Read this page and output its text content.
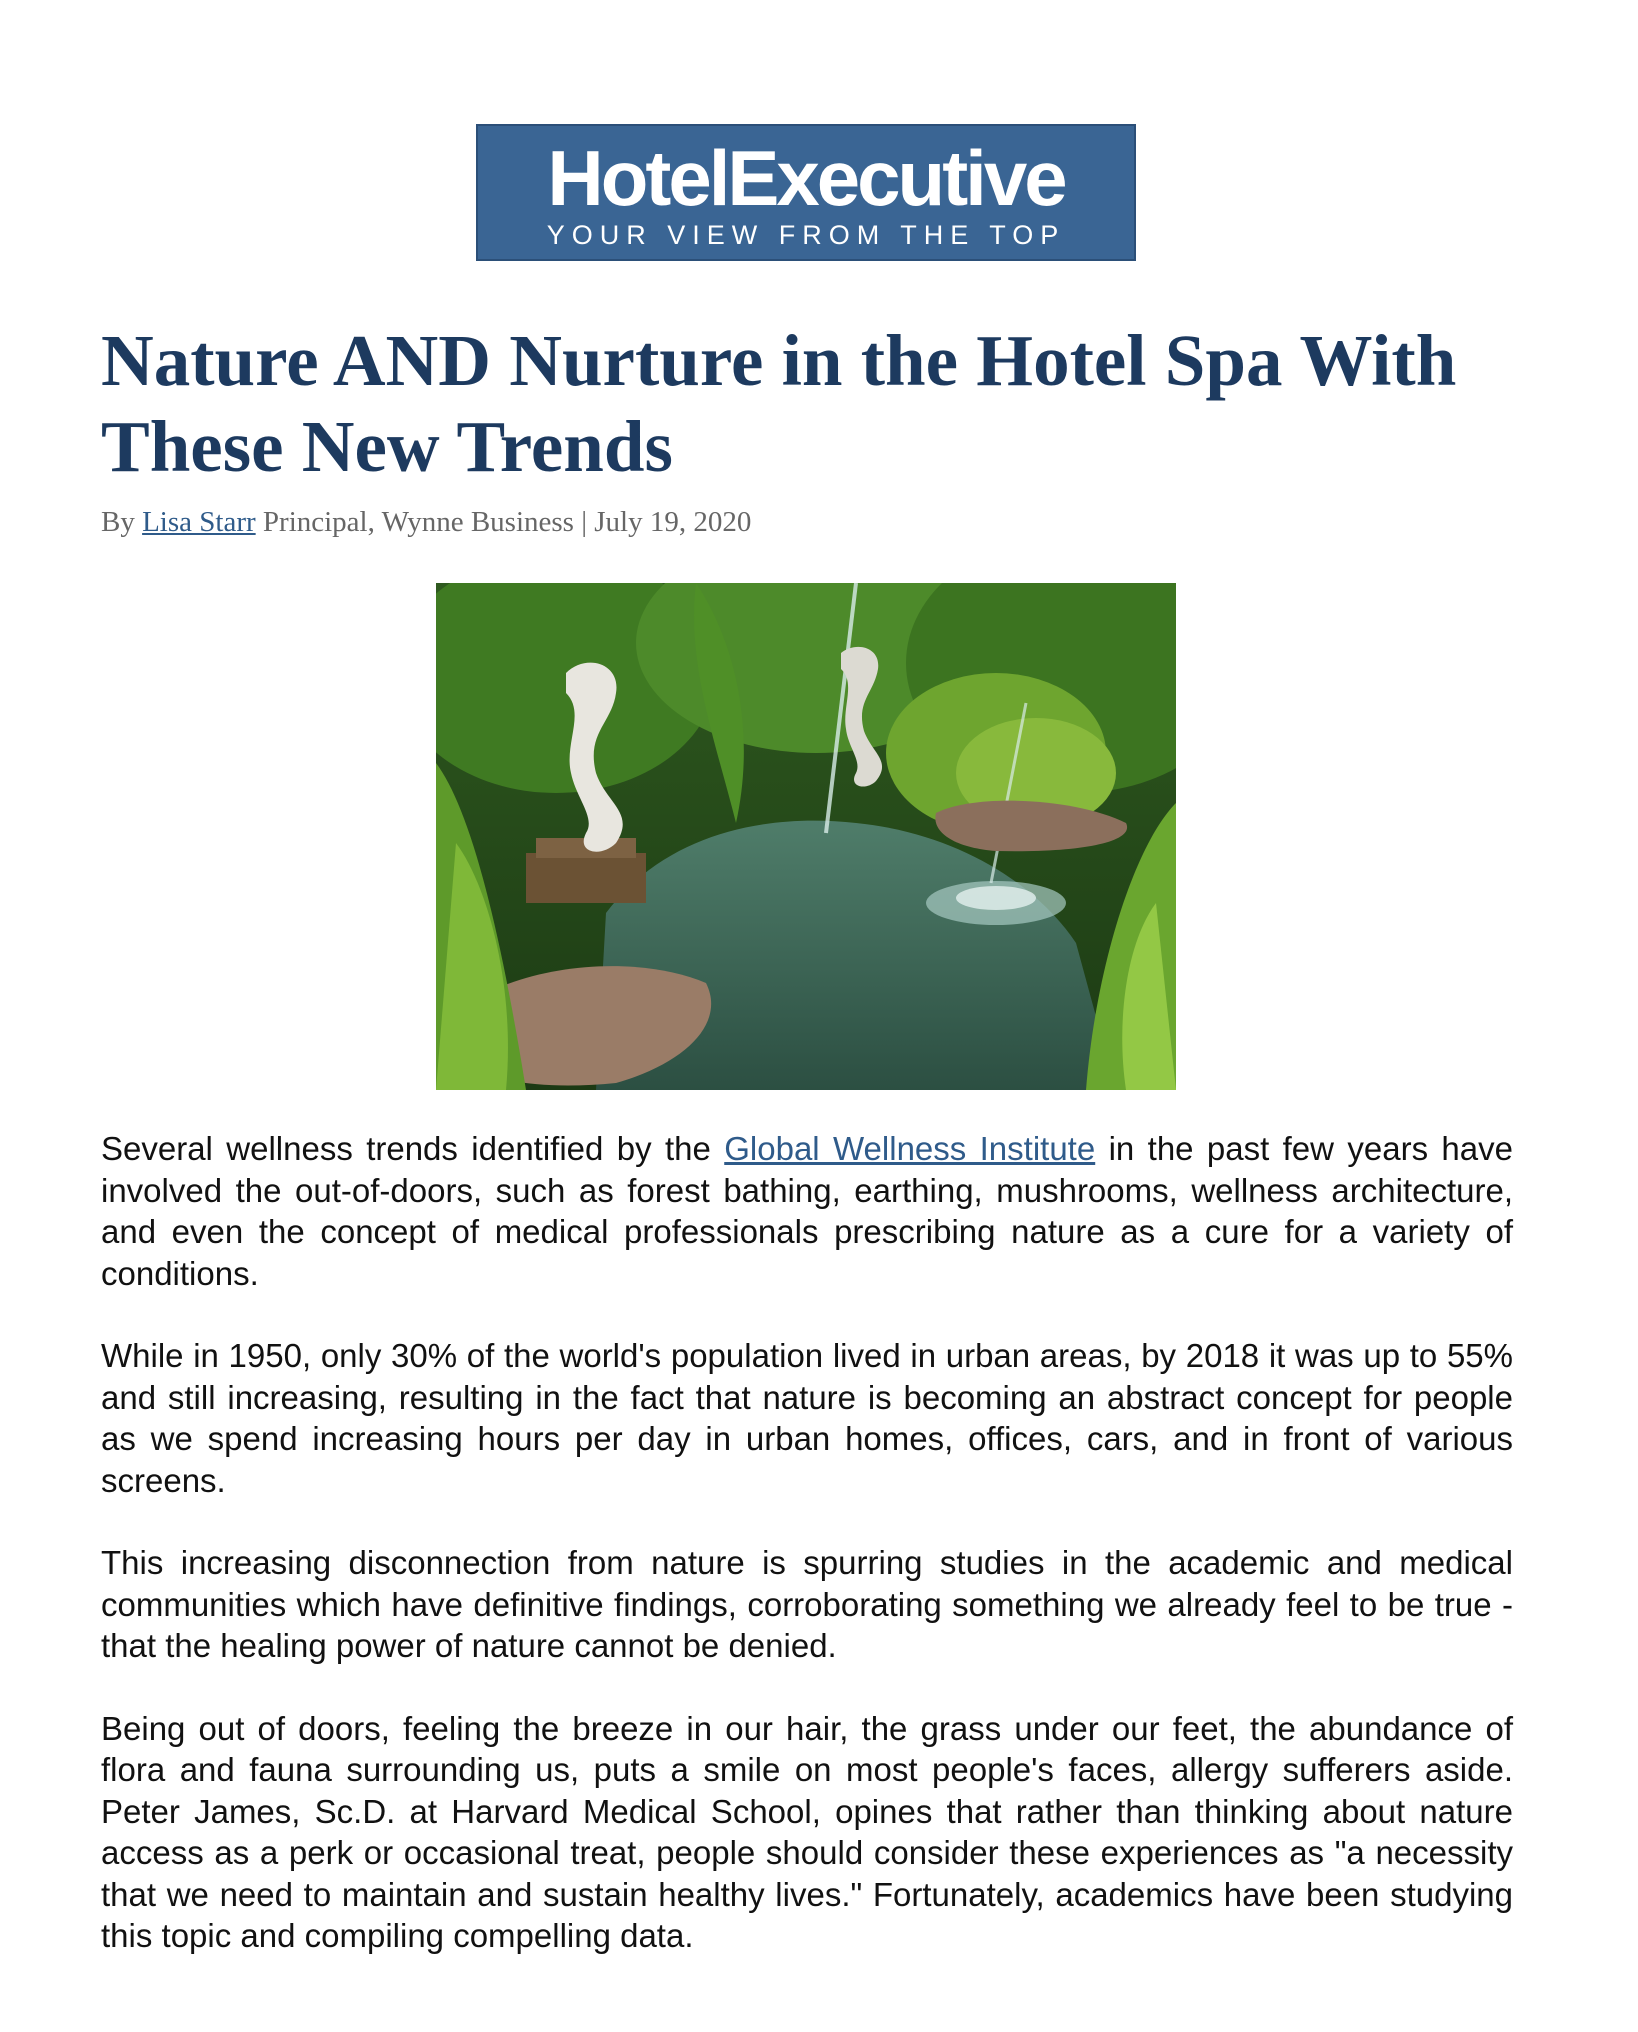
HotelExecutive
YOUR VIEW FROM THE TOP
Nature AND Nurture in the Hotel Spa With These New Trends
By Lisa Starr Principal, Wynne Business | July 19, 2020

Several wellness trends identified by the Global Wellness Institute in the past few years have involved the out-of-doors, such as forest bathing, earthing, mushrooms, wellness architecture, and even the concept of medical professionals prescribing nature as a cure for a variety of conditions.

While in 1950, only 30% of the world's population lived in urban areas, by 2018 it was up to 55% and still increasing, resulting in the fact that nature is becoming an abstract concept for people as we spend increasing hours per day in urban homes, offices, cars, and in front of various screens.

This increasing disconnection from nature is spurring studies in the academic and medical communities which have definitive findings, corroborating something we already feel to be true - that the healing power of nature cannot be denied.

Being out of doors, feeling the breeze in our hair, the grass under our feet, the abundance of flora and fauna surrounding us, puts a smile on most people's faces, allergy sufferers aside. Peter James, Sc.D. at Harvard Medical School, opines that rather than thinking about nature access as a perk or occasional treat, people should consider these experiences as "a necessity that we need to maintain and sustain healthy lives." Fortunately, academics have been studying this topic and compiling compelling data.
